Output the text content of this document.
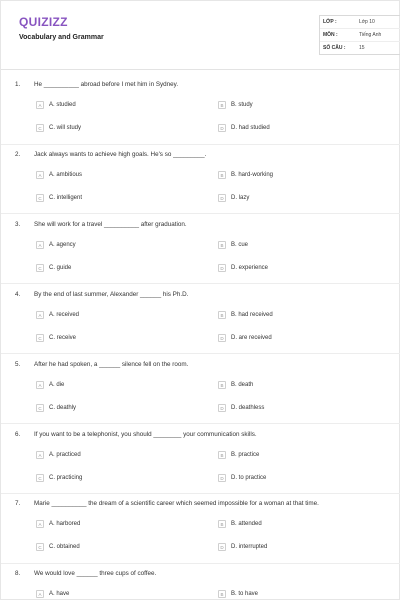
QUIZIZZ
Vocabulary and Grammar
LỚP :	Lớp 10
MÔN :	Tiếng Anh
SỐ CÂU :	15
1. He __________ abroad before I met him in Sydney.
A	A. studied	B	B. study
C	C. will study	D	D. had studied
2. Jack always wants to achieve high goals. He's so _________.
A	A. ambitious	B	B. hard-working
C	C. intelligent	D	D. lazy
3. She will work for a travel __________ after graduation.
A	A. agency	B	B. cue
C	C. guide	D	D. experience
4. By the end of last summer, Alexander ______ his Ph.D.
A	A. received	B	B. had received
C	C. receive	D	D. are received
5. After he had spoken, a ______ silence fell on the room.
A	A. die	B	B. death
C	C. deathly	D	D. deathless
6. If you want to be a telephonist, you should ________ your communication skills.
A	A. practiced	B	B. practice
C	C. practicing	D	D. to practice
7. Marie __________ the dream of a scientific career which seemed impossible for a woman at that time.
A	A. harbored	B	B. attended
C	C. obtained	D	D. interrupted
8. We would love ______ three cups of coffee.
A	A. have	B	B. to have
